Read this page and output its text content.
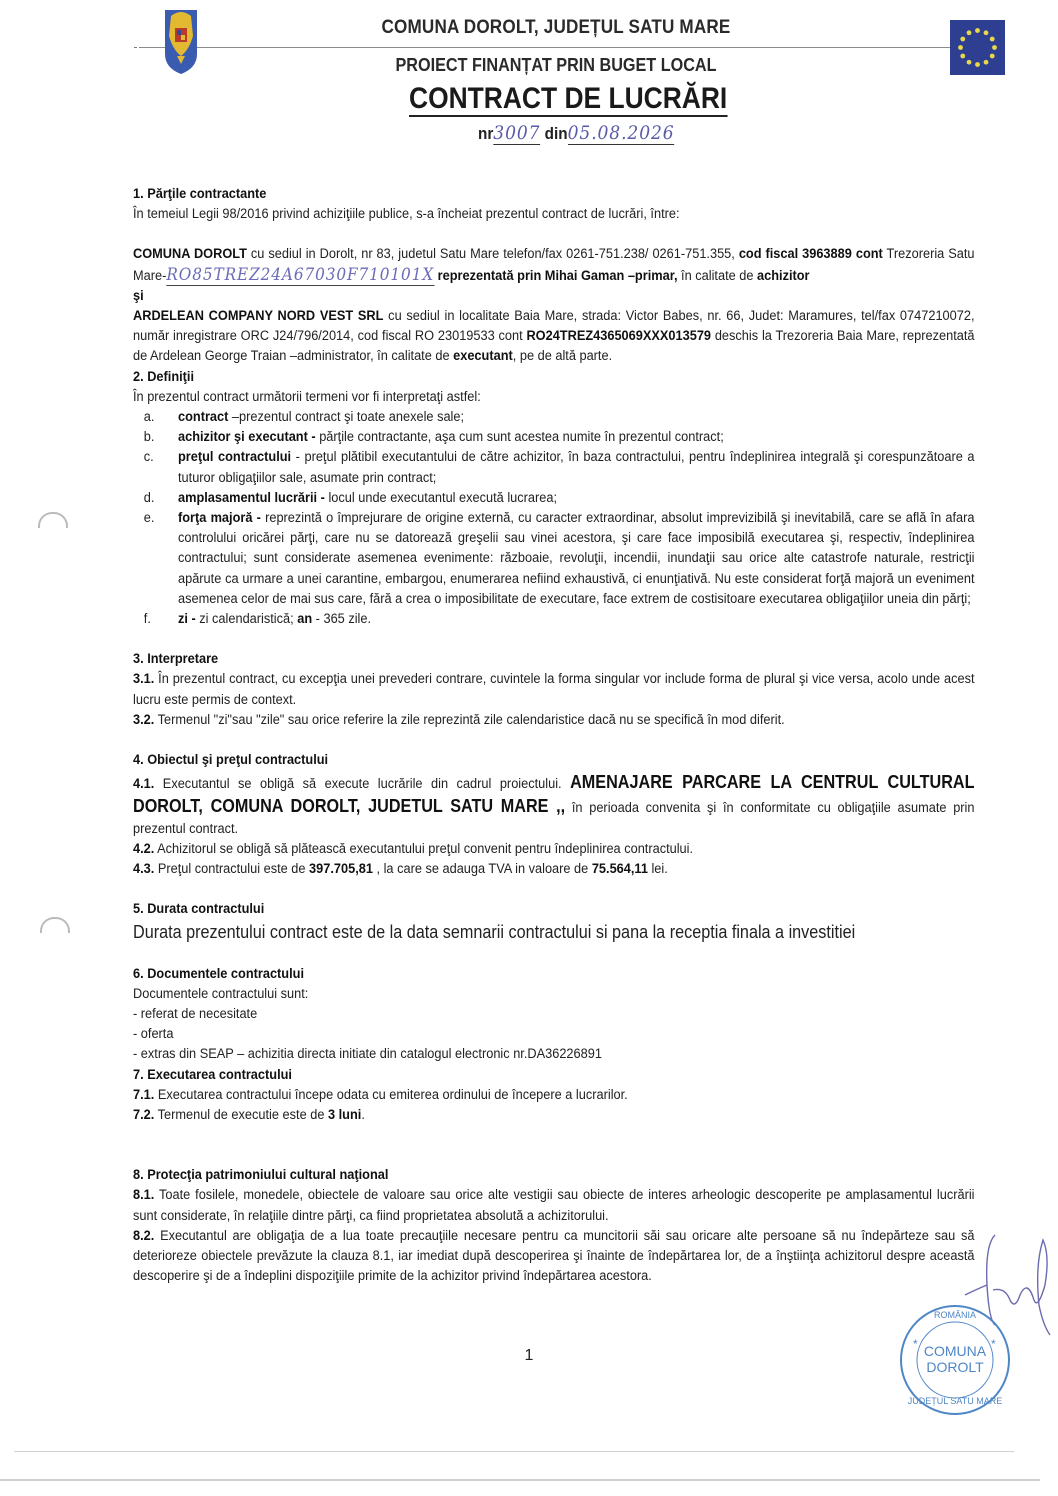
COMUNA DOROLT, JUDEȚUL SATU MARE
PROIECT FINANȚAT PRIN BUGET LOCAL
CONTRACT DE LUCRĂRI
nr3007 din05.08.2026

1. Părţile contractante

În temeiul Legii 98/2016 privind achiziţiile publice, s-a încheiat prezentul contract de lucrări, între:

COMUNA DOROLT cu sediul in Dorolt, nr 83, judetul Satu Mare telefon/fax 0261-751.238/ 0261-751.355, cod fiscal 3963889 cont Trezoreria Satu Mare-RO85TREZ24A67030F710101X reprezentată prin Mihai Gaman –primar, în calitate de achizitor

şi

ARDELEAN COMPANY NORD VEST SRL cu sediul in localitate Baia Mare, strada: Victor Babes, nr. 66, Judet: Maramures, tel/fax 0747210072, număr inregistrare ORC J24/796/2014, cod fiscal RO 23019533 cont RO24TREZ4365069XXX013579 deschis la Trezoreria Baia Mare, reprezentată de Ardelean George Traian –administrator, în calitate de executant, pe de altă parte.

2. Definiţii

În prezentul contract următorii termeni vor fi interpretaţi astfel:

a.	contract –prezentul contract şi toate anexele sale;
b.	achizitor şi executant - părţile contractante, aşa cum sunt acestea numite în prezentul contract;
c.	preţul contractului - preţul plătibil executantului de către achizitor, în baza contractului, pentru îndeplinirea integrală şi corespunzătoare a tuturor obligaţiilor sale, asumate prin contract;
d.	amplasamentul lucrării - locul unde executantul execută lucrarea;
e.	forţa majoră - reprezintă o împrejurare de origine externă, cu caracter extraordinar, absolut imprevizibilă şi inevitabilă, care se află în afara controlului oricărei părţi, care nu se datorează greşelii sau vinei acestora, şi care face imposibilă executarea şi, respectiv, îndeplinirea contractului; sunt considerate asemenea evenimente: războaie, revoluţii, incendii, inundaţii sau orice alte catastrofe naturale, restricţii apărute ca urmare a unei carantine, embargou, enumerarea nefiind exhaustivă, ci enunţiativă. Nu este considerat forţă majoră un eveniment asemenea celor de mai sus care, fără a crea o imposibilitate de executare, face extrem de costisitoare executarea obligaţiilor uneia din părţi;
f.	zi - zi calendaristică; an - 365 zile.

3. Interpretare

3.1. În prezentul contract, cu excepţia unei prevederi contrare, cuvintele la forma singular vor include forma de plural şi vice versa, acolo unde acest lucru este permis de context.

3.2. Termenul "zi"sau "zile" sau orice referire la zile reprezintă zile calendaristice dacă nu se specifică în mod diferit.

4. Obiectul şi preţul contractului

4.1. Executantul se obligă să execute lucrările din cadrul proiectului. AMENAJARE PARCARE LA CENTRUL CULTURAL DOROLT, COMUNA DOROLT, JUDETUL SATU MARE ,, în perioada convenita şi în conformitate cu obligaţiile asumate prin prezentul contract.

4.2. Achizitorul se obligă să plătească executantului preţul convenit pentru îndeplinirea contractului.

4.3. Preţul contractului este de 397.705,81 , la care se adauga TVA in valoare de 75.564,11 lei.

5. Durata contractului

Durata prezentului contract este de la data semnarii contractului si pana la receptia finala a investitiei

6. Documentele contractului

Documentele contractului sunt:

- referat de necesitate

- oferta

- extras din SEAP – achizitia directa initiate din catalogul electronic nr.DA36226891

7. Executarea contractului

7.1. Executarea contractului începe odata cu emiterea ordinului de începere a lucrarilor.

7.2. Termenul de executie este de 3 luni.

8. Protecţia patrimoniului cultural naţional

8.1. Toate fosilele, monedele, obiectele de valoare sau orice alte vestigii sau obiecte de interes arheologic descoperite pe amplasamentul lucrării sunt considerate, în relaţiile dintre părţi, ca fiind proprietatea absolută a achizitorului.

8.2. Executantul are obligaţia de a lua toate precauţiile necesare pentru ca muncitorii săi sau oricare alte persoane să nu îndepărteze sau să deterioreze obiectele prevăzute la clauza 8.1, iar imediat după descoperirea şi înainte de îndepărtarea lor, de a înştiinţa achizitorul despre această descoperire şi de a îndeplini dispoziţiile primite de la achizitor privind îndepărtarea acestora.

1	COMUNA
DOROLT
*	*
JUDEȚUL SATU MARE
ROMÂNIA
